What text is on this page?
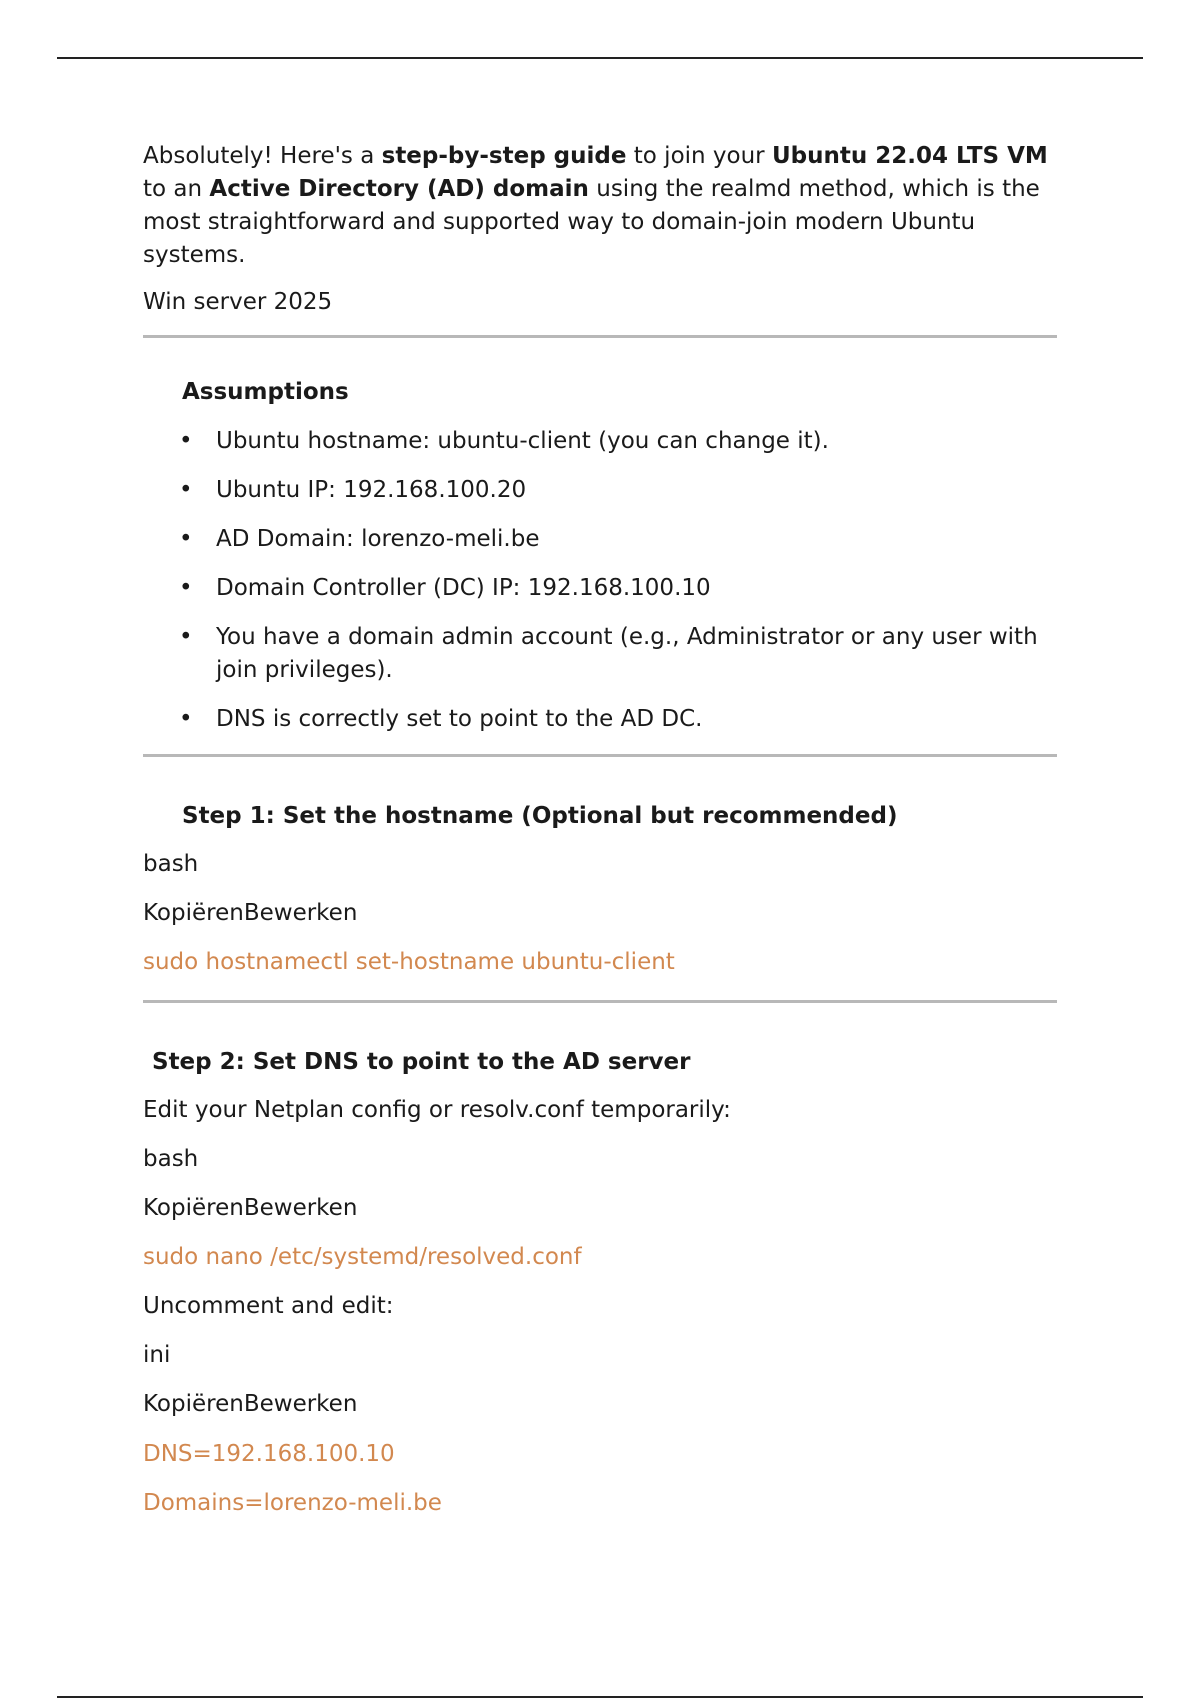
Absolutely! Here's a step-by-step guide to join your Ubuntu 22.04 LTS VM to an Active Directory (AD) domain using the realmd method, which is the most straightforward and supported way to domain-join modern Ubuntu systems.

Win server 2025

Assumptions

• Ubuntu hostname: ubuntu-client (you can change it).
• Ubuntu IP: 192.168.100.20
• AD Domain: lorenzo-meli.be
• Domain Controller (DC) IP: 192.168.100.10
• You have a domain admin account (e.g., Administrator or any user with join privileges).
• DNS is correctly set to point to the AD DC.

Step 1: Set the hostname (Optional but recommended)

bash

KopiërenBewerken

sudo hostnamectl set-hostname ubuntu-client

Step 2: Set DNS to point to the AD server

Edit your Netplan config or resolv.conf temporarily:

bash

KopiërenBewerken

sudo nano /etc/systemd/resolved.conf

Uncomment and edit:

ini

KopiërenBewerken

DNS=192.168.100.10

Domains=lorenzo-meli.be
